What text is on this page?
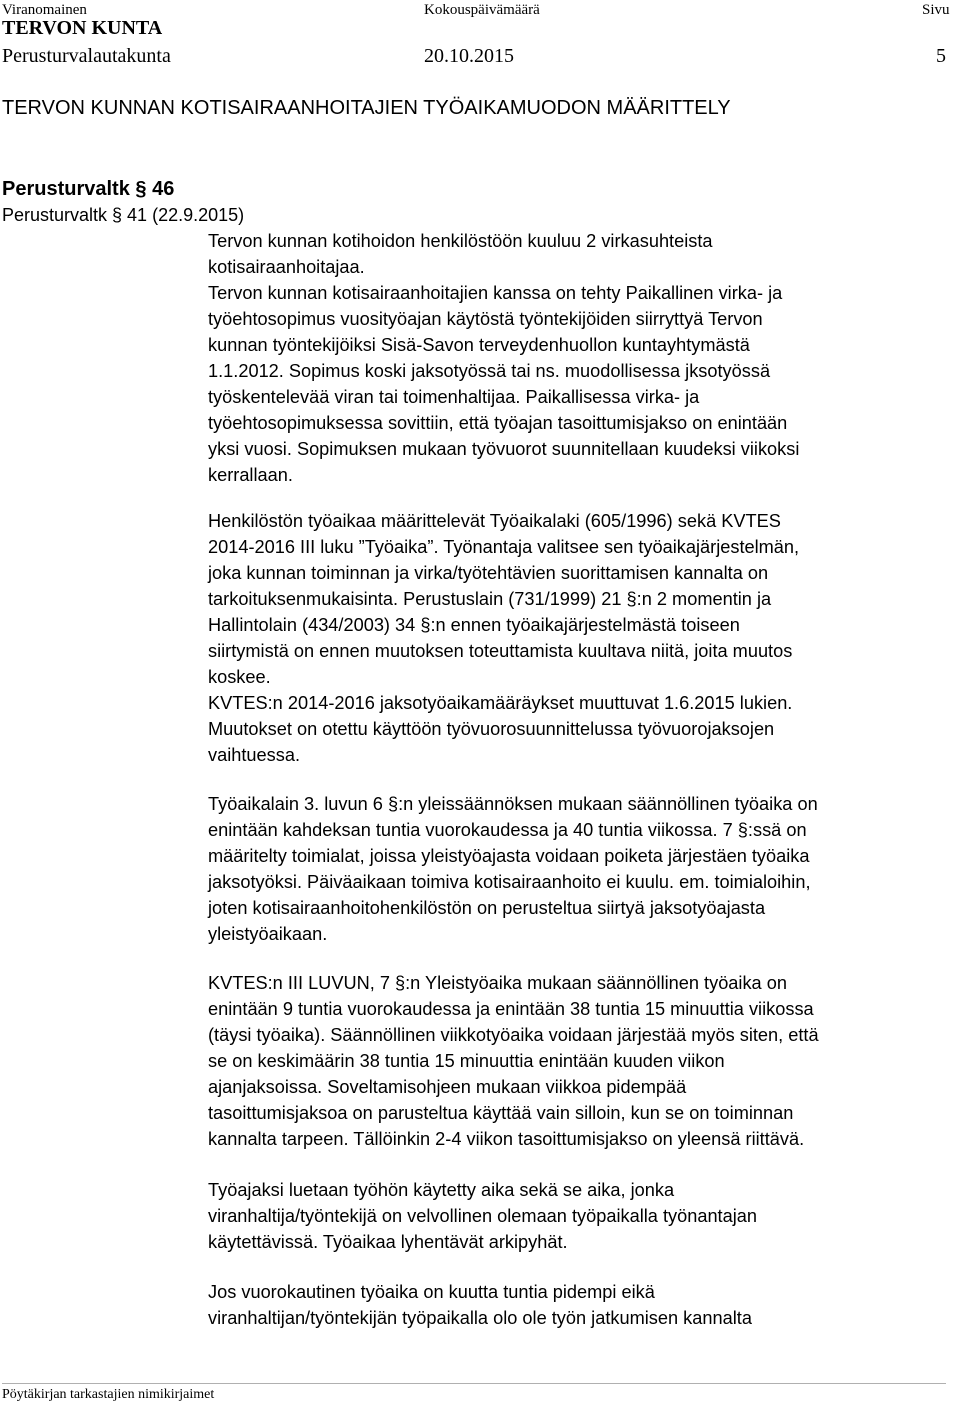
Viranomainen	Kokouspäivämäärä	Sivu
TERVON KUNTA
Perusturvalautakunta	20.10.2015	5
TERVON KUNNAN KOTISAIRAANHOITAJIEN TYÖAIKAMUODON MÄÄRITTELY
Perusturvaltk § 46
Perusturvaltk § 41 (22.9.2015)
Tervon kunnan kotihoidon henkilöstöön kuuluu 2 virkasuhteista
kotisairaanhoitajaa.
Tervon kunnan kotisairaanhoitajien kanssa on tehty Paikallinen virka- ja
työehtosopimus vuosityöajan käytöstä työntekijöiden siirryttyä Tervon
kunnan työntekijöiksi Sisä-Savon terveydenhuollon kuntayhtymästä
1.1.2012. Sopimus koski jaksotyössä tai ns. muodollisessa jksotyössä
työskentelevää viran tai toimenhaltijaa. Paikallisessa virka- ja
työehtosopimuksessa sovittiin, että työajan tasoittumisjakso on enintään
yksi vuosi. Sopimuksen mukaan työvuorot suunnitellaan kuudeksi viikoksi
kerrallaan.
Henkilöstön työaikaa määrittelevät Työaikalaki (605/1996) sekä KVTES
2014-2016 III luku ”Työaika”. Työnantaja valitsee sen työaikajärjestelmän,
joka kunnan toiminnan ja virka/työtehtävien suorittamisen kannalta on
tarkoituksenmukaisinta. Perustuslain (731/1999) 21 §:n 2 momentin ja
Hallintolain (434/2003) 34 §:n ennen työaikajärjestelmästä toiseen
siirtymistä on ennen muutoksen toteuttamista kuultava niitä, joita muutos
koskee.
KVTES:n 2014-2016 jaksotyöaikamääräykset muuttuvat 1.6.2015 lukien.
Muutokset on otettu käyttöön työvuorosuunnittelussa työvuorojaksojen
vaihtuessa.
Työaikalain 3. luvun 6 §:n yleissäännöksen mukaan säännöllinen työaika on
enintään kahdeksan tuntia vuorokaudessa ja 40 tuntia viikossa. 7 §:ssä on
määritelty toimialat, joissa yleistyöajasta voidaan poiketa järjestäen työaika
jaksotyöksi. Päiväaikaan toimiva kotisairaanhoito ei kuulu. em. toimialoihin,
joten kotisairaanhoitohenkilöstön on perusteltua siirtyä jaksotyöajasta
yleistyöaikaan.
KVTES:n III LUVUN, 7 §:n Yleistyöaika mukaan säännöllinen työaika on
enintään 9 tuntia vuorokaudessa ja enintään 38 tuntia 15 minuuttia viikossa
(täysi työaika). Säännöllinen viikkotyöaika voidaan järjestää myös siten, että
se on keskimäärin 38 tuntia 15 minuuttia enintään kuuden viikon
ajanjaksoissa. Soveltamisohjeen mukaan viikkoa pidempää
tasoittumisjaksoa on parusteltua käyttää vain silloin, kun se on toiminnan
kannalta tarpeen. Tällöinkin 2-4 viikon tasoittumisjakso on yleensä riittävä.
Työajaksi luetaan työhön käytetty aika sekä se aika, jonka
viranhaltija/työntekijä on velvollinen olemaan työpaikalla työnantajan
käytettävissä. Työaikaa lyhentävät arkipyhät.
Jos vuorokautinen työaika on kuutta tuntia pidempi eikä
viranhaltijan/työntekijän työpaikalla olo ole työn jatkumisen kannalta
Pöytäkirjan tarkastajien nimikirjaimet
